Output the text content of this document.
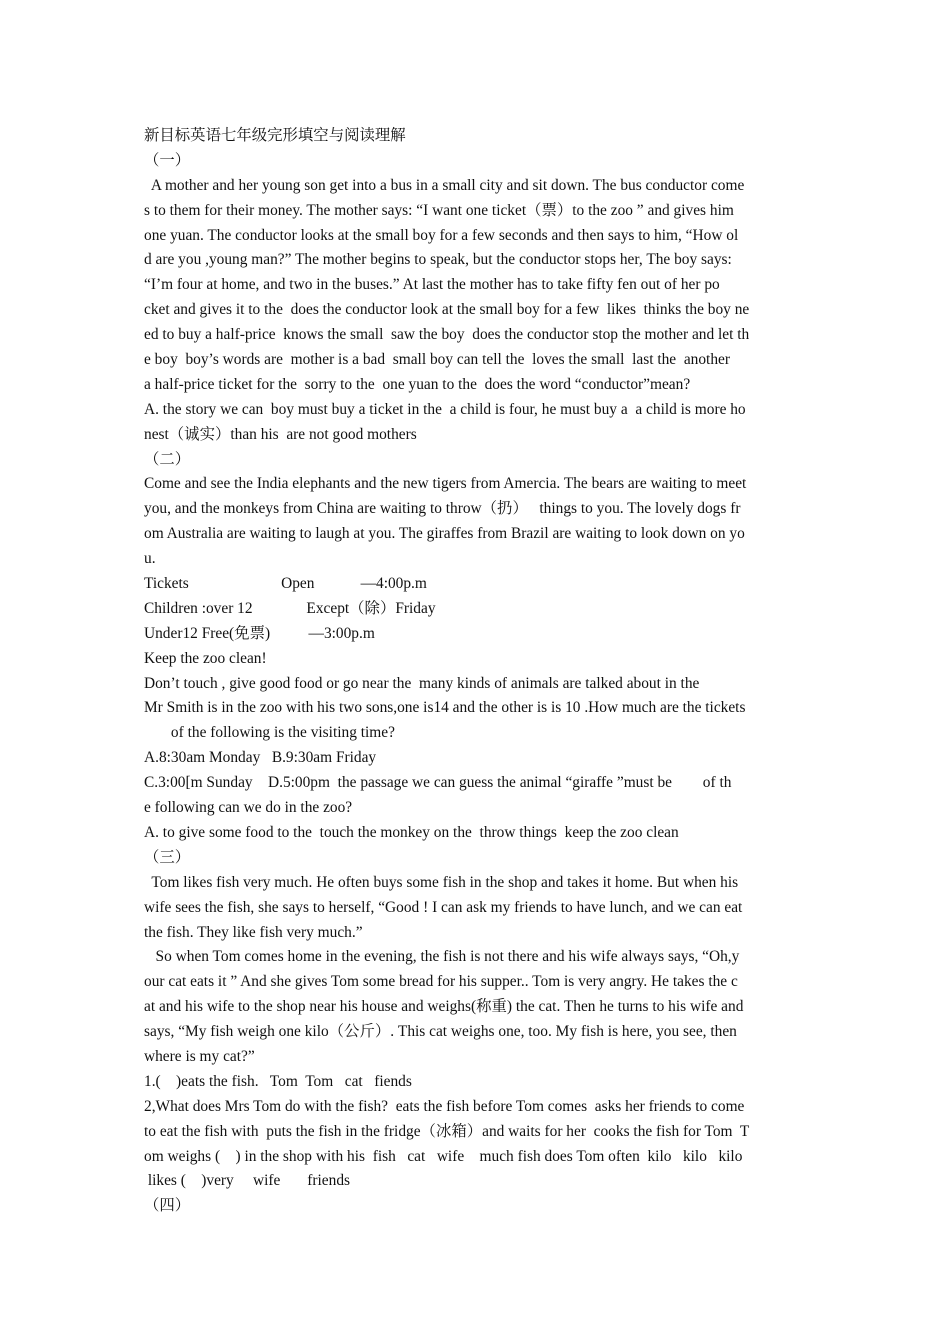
新目标英语七年级完形填空与阅读理解
（一）
A mother and her young son get into a bus in a small city and sit down. The bus conductor come
s to them for their money. The mother says: “I want one ticket（票）to the zoo ” and gives him
one yuan. The conductor looks at the small boy for a few seconds and then says to him, “How ol
d are you ,young man?” The mother begins to speak, but the conductor stops her, The boy says:
“I’m four at home, and two in the buses.” At last the mother has to take fifty fen out of her po
cket and gives it to the  does the conductor look at the small boy for a few  likes  thinks the boy ne
ed to buy a half-price  knows the small  saw the boy  does the conductor stop the mother and let th
e boy  boy’s words are  mother is a bad  small boy can tell the  loves the small  last the  another
a half-price ticket for the  sorry to the  one yuan to the  does the word “conductor”mean?
A. the story we can  boy must buy a ticket in the  a child is four, he must buy a  a child is more ho
nest（诚实）than his  are not good mothers
（二）
Come and see the India elephants and the new tigers from Amercia. The bears are waiting to meet
you, and the monkeys from China are waiting to throw（扔）   things to you. The lovely dogs fr
om Australia are waiting to laugh at you. The giraffes from Brazil are waiting to look down on yo
u.
Tickets                        Open            —4:00p.m
Children :over 12              Except（除）Friday
Under12 Free(免票)          —3:00p.m
Keep the zoo clean!
Don’t touch , give good food or go near the  many kinds of animals are talked about in the
Mr Smith is in the zoo with his two sons,one is14 and the other is is 10 .How much are the tickets
of the following is the visiting time?
A.8:30am Monday   B.9:30am Friday
C.3:00[m Sunday    D.5:00pm  the passage we can guess the animal “giraffe ”must be        of th
e following can we do in the zoo?
A. to give some food to the  touch the monkey on the  throw things  keep the zoo clean
（三）
Tom likes fish very much. He often buys some fish in the shop and takes it home. But when his
wife sees the fish, she says to herself, “Good ! I can ask my friends to have lunch, and we can eat
the fish. They like fish very much.”
So when Tom comes home in the evening, the fish is not there and his wife always says, “Oh,y
our cat eats it ” And she gives Tom some bread for his supper.. Tom is very angry. He takes the c
at and his wife to the shop near his house and weighs(称重) the cat. Then he turns to his wife and
says, “My fish weigh one kilo（公斤）. This cat weighs one, too. My fish is here, you see, then
where is my cat?”
1.(    )eats the fish.   Tom  Tom   cat   fiends
2,What does Mrs Tom do with the fish?  eats the fish before Tom comes  asks her friends to come
to eat the fish with  puts the fish in the fridge（冰箱）and waits for her  cooks the fish for Tom  T
om weighs (    ) in the shop with his  fish   cat   wife    much fish does Tom often  kilo   kilo   kilo
likes (    )very     wife       friends
（四）
